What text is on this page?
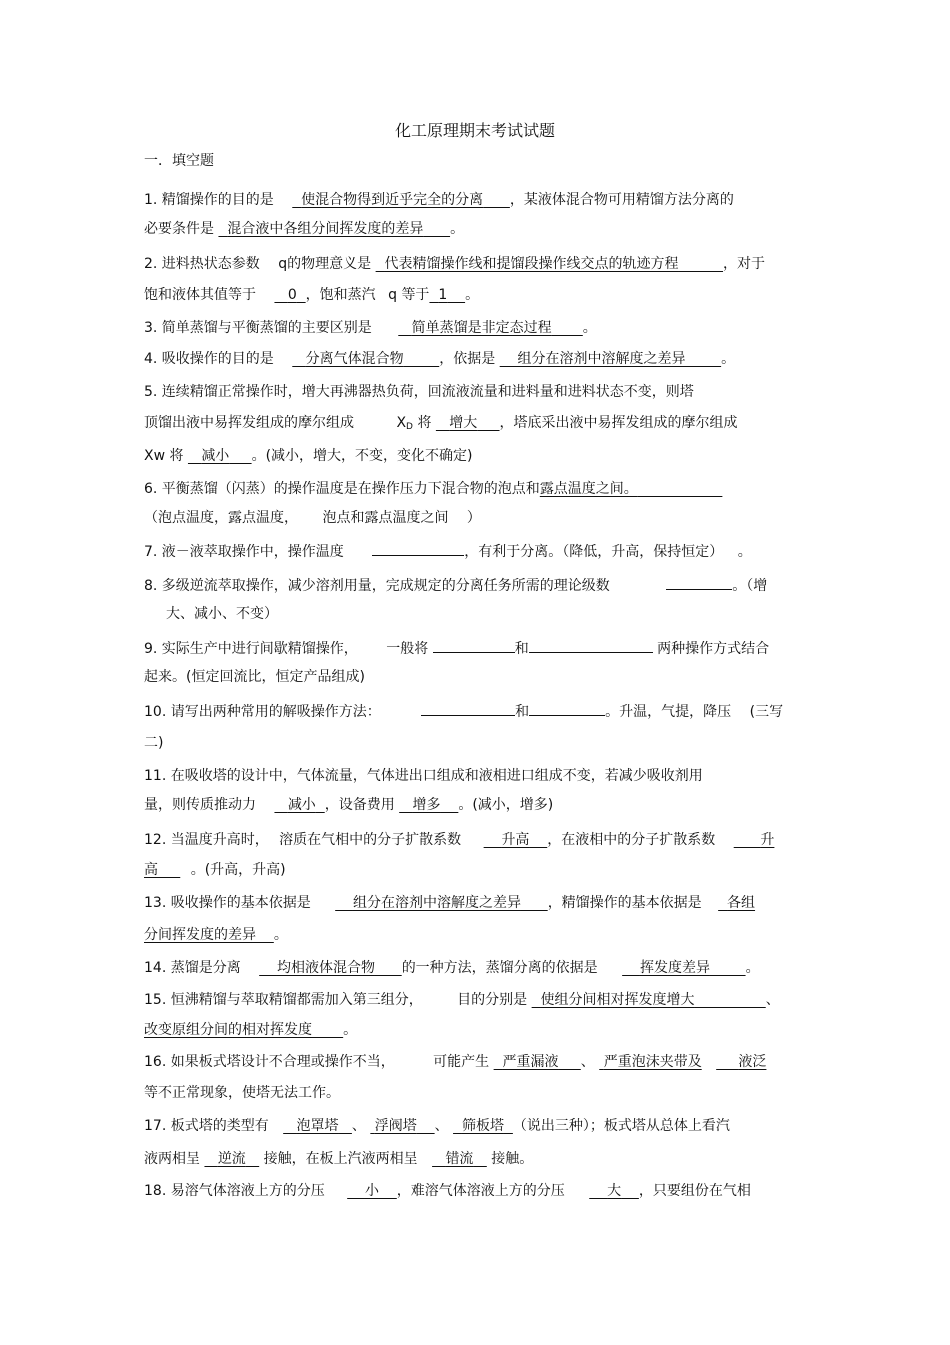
化工原理期末考试试题
一．填空题
1. 精馏操作的目的是 使混合物得到近乎完全的分离 ，某液体混合物可用精馏方法分离的
必要条件是 混合液中各组分间挥发度的差异 。
2. 进料热状态参数 q的物理意义是 代表精馏操作线和提馏段操作线交点的轨迹方程	，对于
饱和液体其值等于 0 ，饱和蒸汽 q 等于 1 。
3. 简单蒸馏与平衡蒸馏的主要区别是	简单蒸馏是非定态过程 。
4. 吸收操作的目的是 分离气体混合物	，依据是 组分在溶剂中溶解度之差异	。
5. 连续精馏正常操作时，增大再沸器热负荷，回流液流量和进料量和进料状态不变，则塔
顶馏出液中易挥发组成的摩尔组成	$X_D$ 将 增大 ，塔底采出液中易挥发组成的摩尔组成
Xw 将 减小 。(减小，增大，不变，变化不确定)
6. 平衡蒸馏（闪蒸）的操作温度是在操作压力下混合物的泡点和露点温度之间。
（泡点温度，露点温度， 泡点和露点温度之间 ）
7. 液－液萃取操作中，操作温度	，有利于分离。（降低，升高，保持恒定） 。
8. 多级逆流萃取操作，减少溶剂用量，完成规定的分离任务所需的理论级数	。（增
大、减小、不变）
9. 实际生产中进行间歇精馏操作， 一般将	和	两种操作方式结合
起来。(恒定回流比，恒定产品组成)
10. 请写出两种常用的解吸操作方法：	和	。升温，气提，降压 (三写
二)
11. 在吸收塔的设计中，气体流量，气体进出口组成和液相进口组成不变，若减少吸收剂用
量，则传质推动力 减小 ，设备费用 增多 。(减小，增多)
12. 当温度升高时， 溶质在气相中的分子扩散系数	升高 ，在液相中的分子扩散系数	升
高 。(升高，升高)
13. 吸收操作的基本依据是	组分在溶剂中溶解度之差异 ，精馏操作的基本依据是 各组
分间挥发度的差异 。
14. 蒸馏是分离	均相液体混合物 的一种方法，蒸馏分离的依据是	挥发度差异	。
15. 恒沸精馏与萃取精馏都需加入第三组分， 目的分别是 使组分间相对挥发度增大	、
改变原组分间的相对挥发度 。
16. 如果板式塔设计不合理或操作不当，	可能产生 严重漏液 、 严重泡沫夹带及	液泛
等不正常现象，使塔无法工作。
17. 板式塔的类型有 泡罩塔 、 浮阀塔 、 筛板塔 （说出三种）；板式塔从总体上看汽
液两相呈 逆流 接触，在板上汽液两相呈 错流 接触。
18. 易溶气体溶液上方的分压	小 ，难溶气体溶液上方的分压	大 ，只要组份在气相
